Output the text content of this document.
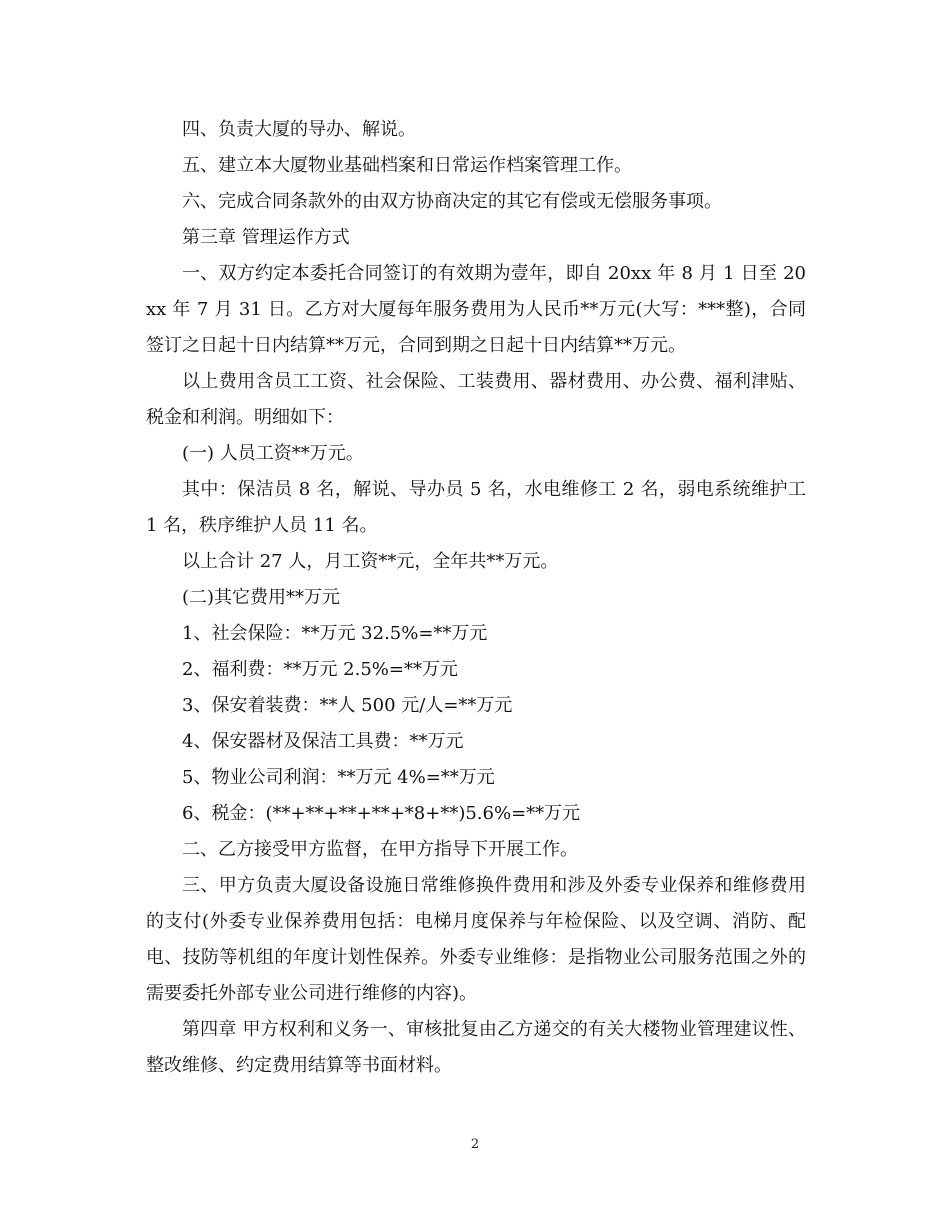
四、负责大厦的导办、解说。

五、建立本大厦物业基础档案和日常运作档案管理工作。

六、完成合同条款外的由双方协商决定的其它有偿或无偿服务事项。

第三章 管理运作方式

一、双方约定本委托合同签订的有效期为壹年，即自 20xx 年 8 月 1 日至 20xx 年 7 月 31 日。乙方对大厦每年服务费用为人民币**万元(大写：***整)，合同签订之日起十日内结算**万元，合同到期之日起十日内结算**万元。

以上费用含员工工资、社会保险、工装费用、器材费用、办公费、福利津贴、税金和利润。明细如下：

(一) 人员工资**万元。

其中：保洁员 8 名，解说、导办员 5 名，水电维修工 2 名，弱电系统维护工 1 名，秩序维护人员 11 名。

以上合计 27 人，月工资**元，全年共**万元。

(二)其它费用**万元

1、社会保险：**万元 32.5%=**万元

2、福利费：**万元 2.5%=**万元

3、保安着装费：**人 500 元/人=**万元

4、保安器材及保洁工具费：**万元

5、物业公司利润：**万元 4%=**万元

6、税金：(**+**+**+**+*8+**)5.6%=**万元

二、乙方接受甲方监督，在甲方指导下开展工作。

三、甲方负责大厦设备设施日常维修换件费用和涉及外委专业保养和维修费用的支付(外委专业保养费用包括：电梯月度保养与年检保险、以及空调、消防、配电、技防等机组的年度计划性保养。外委专业维修：是指物业公司服务范围之外的需要委托外部专业公司进行维修的内容)。

第四章 甲方权利和义务一、审核批复由乙方递交的有关大楼物业管理建议性、整改维修、约定费用结算等书面材料。

2
